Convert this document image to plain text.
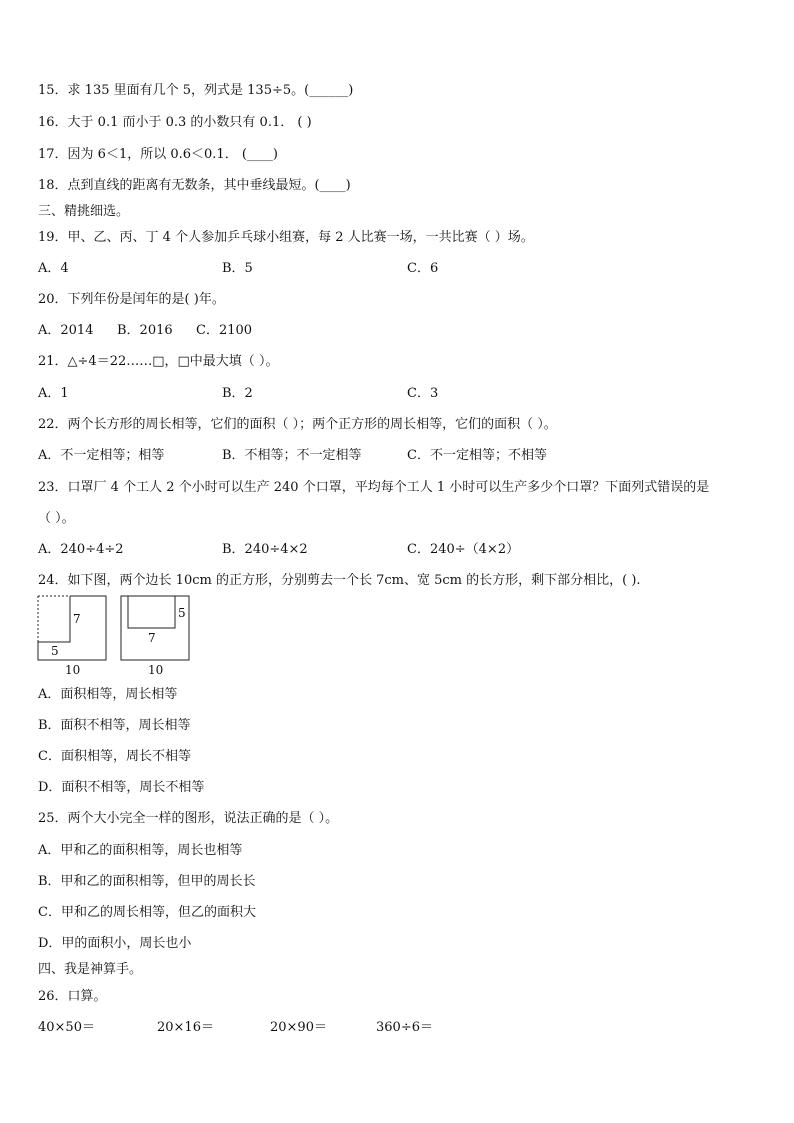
15．求 135 里面有几个 5，列式是 135÷5。(______)
16．大于 0.1 而小于 0.3 的小数只有 0.1． ( )
17．因为 6＜1，所以 0.6＜0.1． (____)
18．点到直线的距离有无数条，其中垂线最短。(____)
三、精挑细选。
19．甲、乙、丙、丁 4 个人参加乒乓球小组赛，每 2 人比赛一场，一共比赛（ ）场。
A．4	B．5	C．6
20．下列年份是闰年的是( )年。
A．2014 B．2016 C．2100
21．△÷4＝22……□，□中最大填（ ）。
A．1	B．2	C．3
22．两个长方形的周长相等，它们的面积（ ）；两个正方形的周长相等，它们的面积（ ）。
A．不一定相等；相等	B．不相等；不一定相等	C．不一定相等；不相等
23．口罩厂 4 个工人 2 个小时可以生产 240 个口罩，平均每个工人 1 小时可以生产多少个口罩？下面列式错误的是
（ ）。
A．240÷4÷2	B．240÷4×2	C．240÷（4×2）
24．如下图，两个边长 10cm 的正方形，分别剪去一个长 7cm、宽 5cm 的长方形，剩下部分相比，( ).
7
5
10
7
5
10
A．面积相等，周长相等
B．面积不相等，周长相等
C．面积相等，周长不相等
D．面积不相等，周长不相等
25．两个大小完全一样的图形，说法正确的是（ ）。
A．甲和乙的面积相等，周长也相等
B．甲和乙的面积相等，但甲的周长长
C．甲和乙的周长相等，但乙的面积大
D．甲的面积小，周长也小
四、我是神算手。
26．口算。
40×50＝	20×16＝	20×90＝	360÷6＝
